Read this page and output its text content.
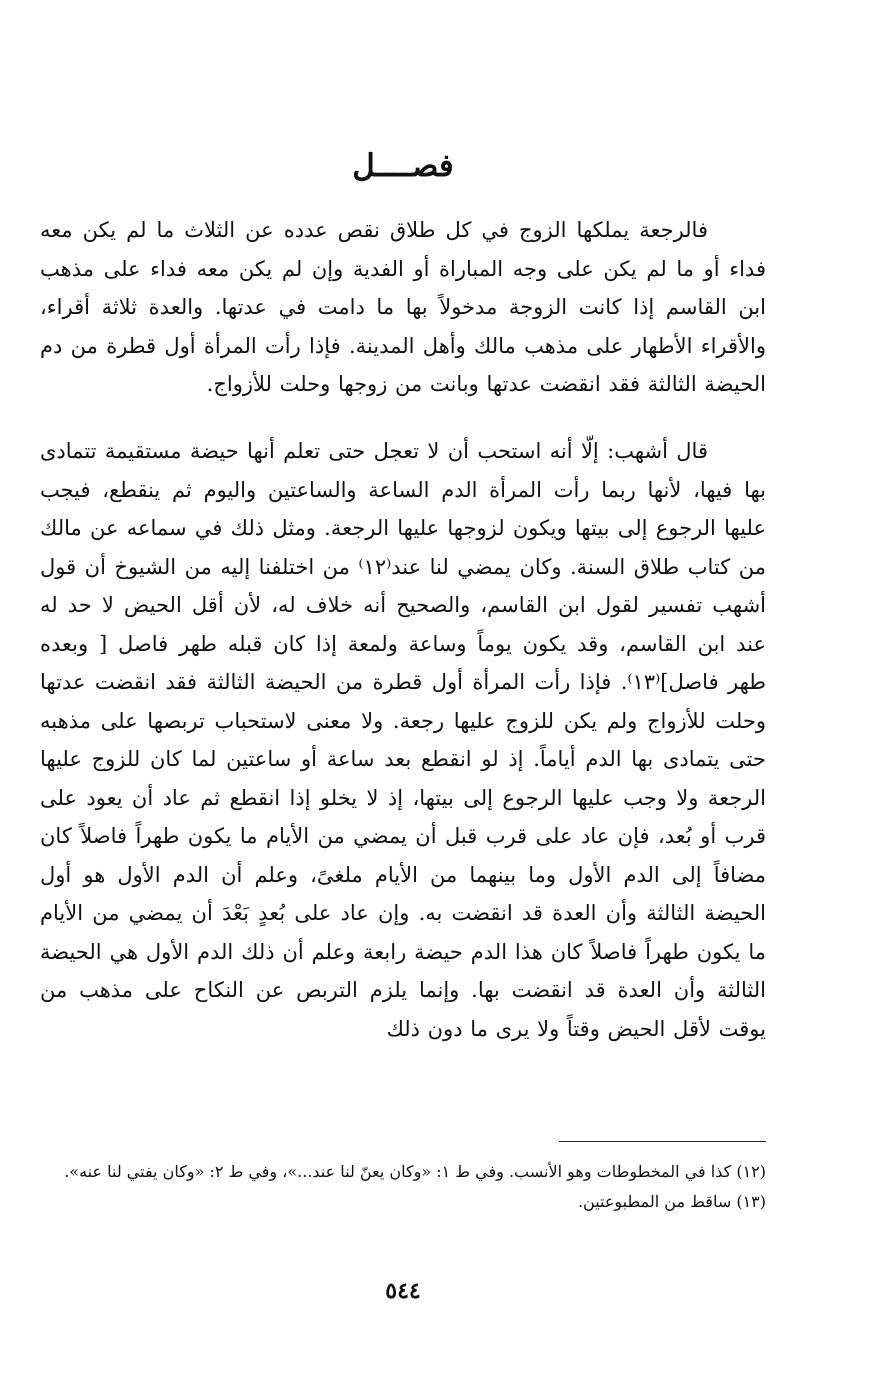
فصــــل

فالرجعة يملكها الزوج في كل طلاق نقص عدده عن الثلاث ما لم يكن معه فداء أو ما لم يكن على وجه المباراة أو الفدية وإن لم يكن معه فداء على مذهب ابن القاسم إذا كانت الزوجة مدخولاً بها ما دامت في عدتها. والعدة ثلاثة أقراء، والأقراء الأطهار على مذهب مالك وأهل المدينة. فإذا رأت المرأة أول قطرة من دم الحيضة الثالثة فقد انقضت عدتها وبانت من زوجها وحلت للأزواج.

قال أشهب: إلّا أنه استحب أن لا تعجل حتى تعلم أنها حيضة مستقيمة تتمادى بها فيها، لأنها ربما رأت المرأة الدم الساعة والساعتين واليوم ثم ينقطع، فيجب عليها الرجوع إلى بيتها ويكون لزوجها عليها الرجعة. ومثل ذلك في سماعه عن مالك من كتاب طلاق السنة. وكان يمضي لنا عند⁽١٢⁾ من اختلفنا إليه من الشيوخ أن قول أشهب تفسير لقول ابن القاسم، والصحيح أنه خلاف له، لأن أقل الحيض لا حد له عند ابن القاسم، وقد يكون يوماً وساعة ولمعة إذا كان قبله طهر فاصل [ وبعده طهر فاصل]⁽١٣⁾. فإذا رأت المرأة أول قطرة من الحيضة الثالثة فقد انقضت عدتها وحلت للأزواج ولم يكن للزوج عليها رجعة. ولا معنى لاستحباب تربصها على مذهبه حتى يتمادى بها الدم أياماً. إذ لو انقطع بعد ساعة أو ساعتين لما كان للزوج عليها الرجعة ولا وجب عليها الرجوع إلى بيتها، إذ لا يخلو إذا انقطع ثم عاد أن يعود على قرب أو بُعد، فإن عاد على قرب قبل أن يمضي من الأيام ما يكون طهراً فاصلاً كان مضافاً إلى الدم الأول وما بينهما من الأيام ملغىً، وعلم أن الدم الأول هو أول الحيضة الثالثة وأن العدة قد انقضت به. وإن عاد على بُعدٍ بَعْدَ أن يمضي من الأيام ما يكون طهراً فاصلاً كان هذا الدم حيضة رابعة وعلم أن ذلك الدم الأول هي الحيضة الثالثة وأن العدة قد انقضت بها. وإنما يلزم التربص عن النكاح على مذهب من يوقت لأقل الحيض وقتاً ولا يرى ما دون ذلك

(١٢) كذا في المخطوطات وهو الأنسب. وفي ط ١: «وكان يعنّ لنا عند...»، وفي ط ٢: «وكان يفتي لنا عنه».

(١٣) ساقط من المطبوعتين.

٥٤٤
